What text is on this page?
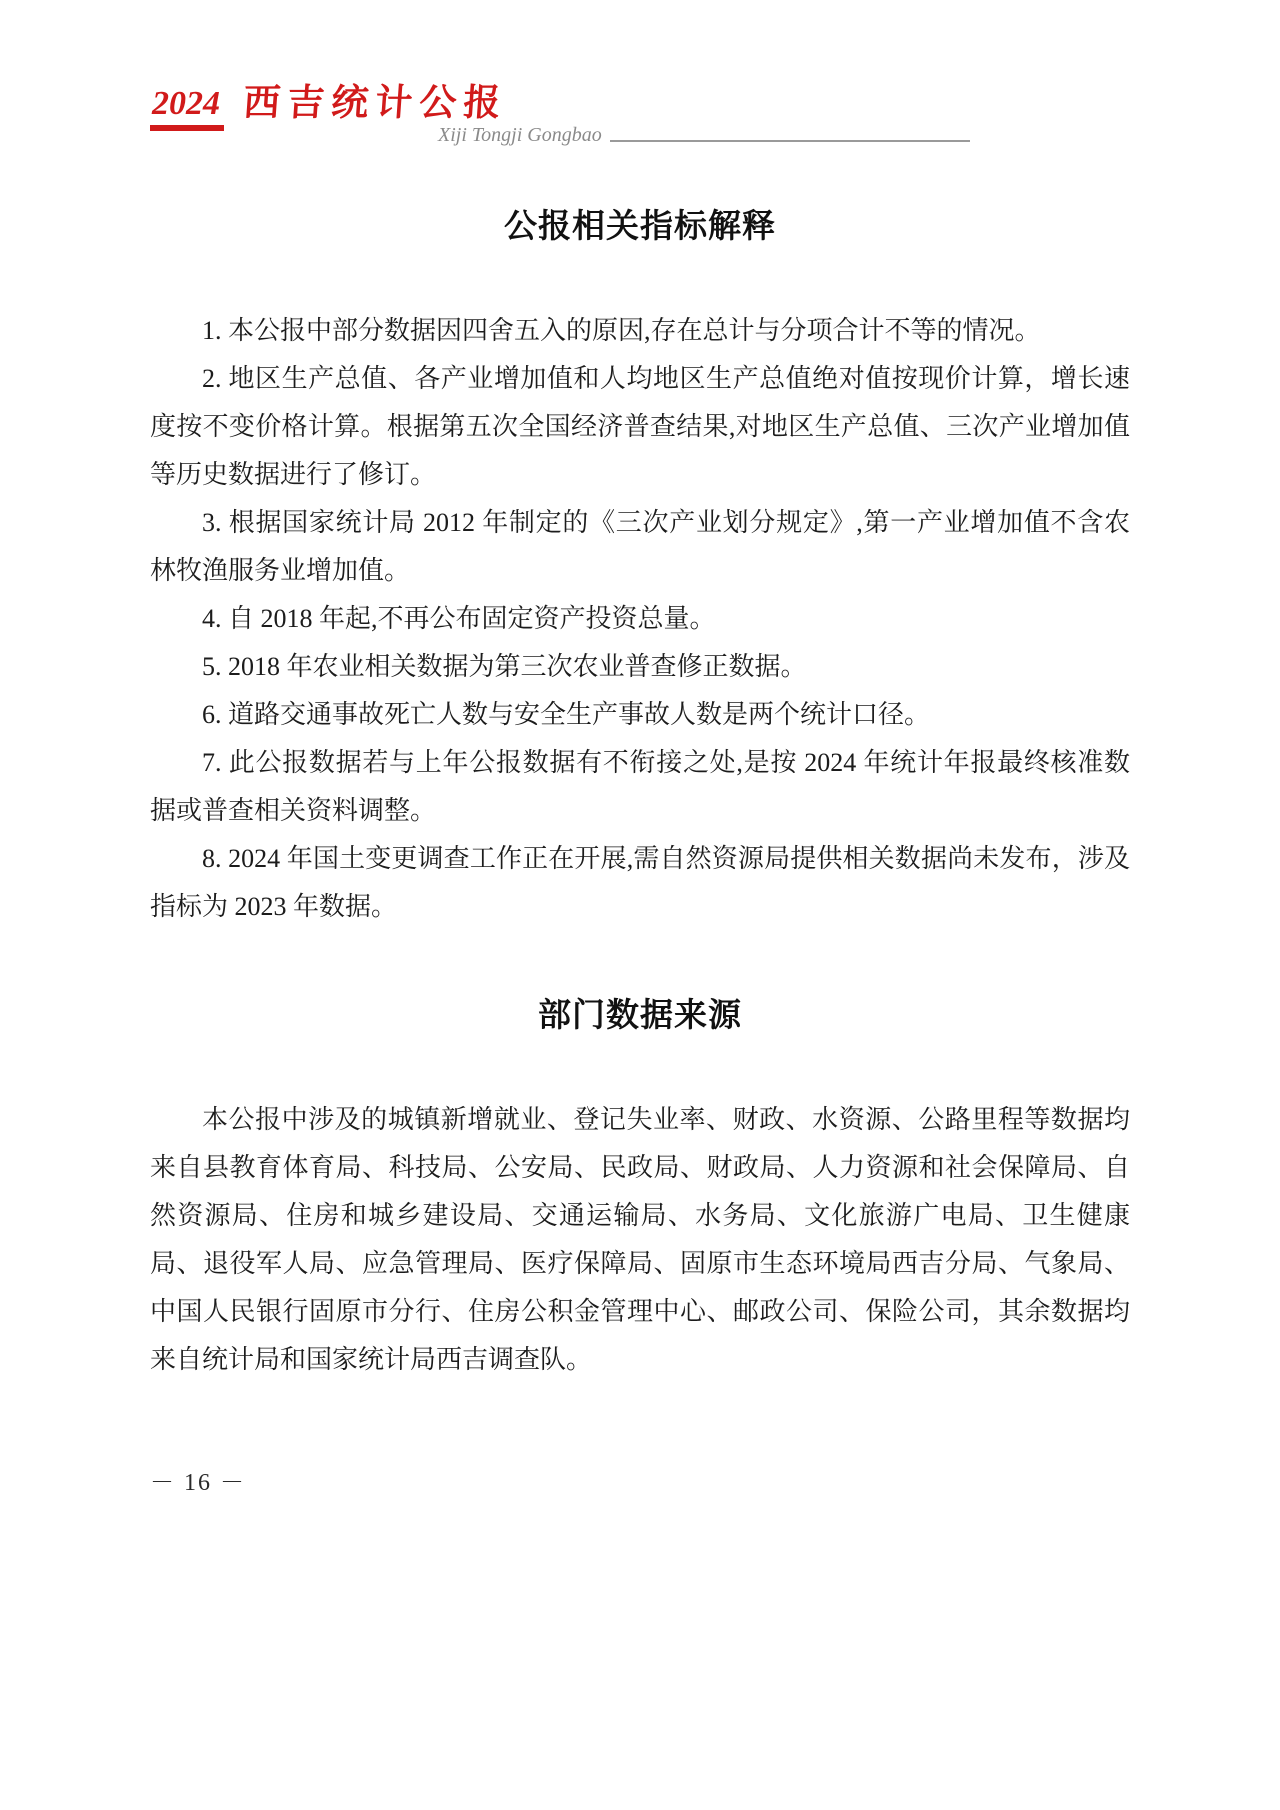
2024 西吉统计公报
Xiji Tongji Gongbao
公报相关指标解释

1. 本公报中部分数据因四舍五入的原因,存在总计与分项合计不等的情况。

2. 地区生产总值、各产业增加值和人均地区生产总值绝对值按现价计算，增长速度按不变价格计算。根据第五次全国经济普查结果,对地区生产总值、三次产业增加值等历史数据进行了修订。

3. 根据国家统计局 2012 年制定的《三次产业划分规定》,第一产业增加值不含农林牧渔服务业增加值。

4. 自 2018 年起,不再公布固定资产投资总量。

5. 2018 年农业相关数据为第三次农业普查修正数据。

6. 道路交通事故死亡人数与安全生产事故人数是两个统计口径。

7. 此公报数据若与上年公报数据有不衔接之处,是按 2024 年统计年报最终核准数据或普查相关资料调整。

8. 2024 年国土变更调查工作正在开展,需自然资源局提供相关数据尚未发布，涉及指标为 2023 年数据。

部门数据来源

本公报中涉及的城镇新增就业、登记失业率、财政、水资源、公路里程等数据均来自县教育体育局、科技局、公安局、民政局、财政局、人力资源和社会保障局、自然资源局、住房和城乡建设局、交通运输局、水务局、文化旅游广电局、卫生健康局、退役军人局、应急管理局、医疗保障局、固原市生态环境局西吉分局、气象局、中国人民银行固原市分行、住房公积金管理中心、邮政公司、保险公司，其余数据均来自统计局和国家统计局西吉调查队。

－ 16 －
